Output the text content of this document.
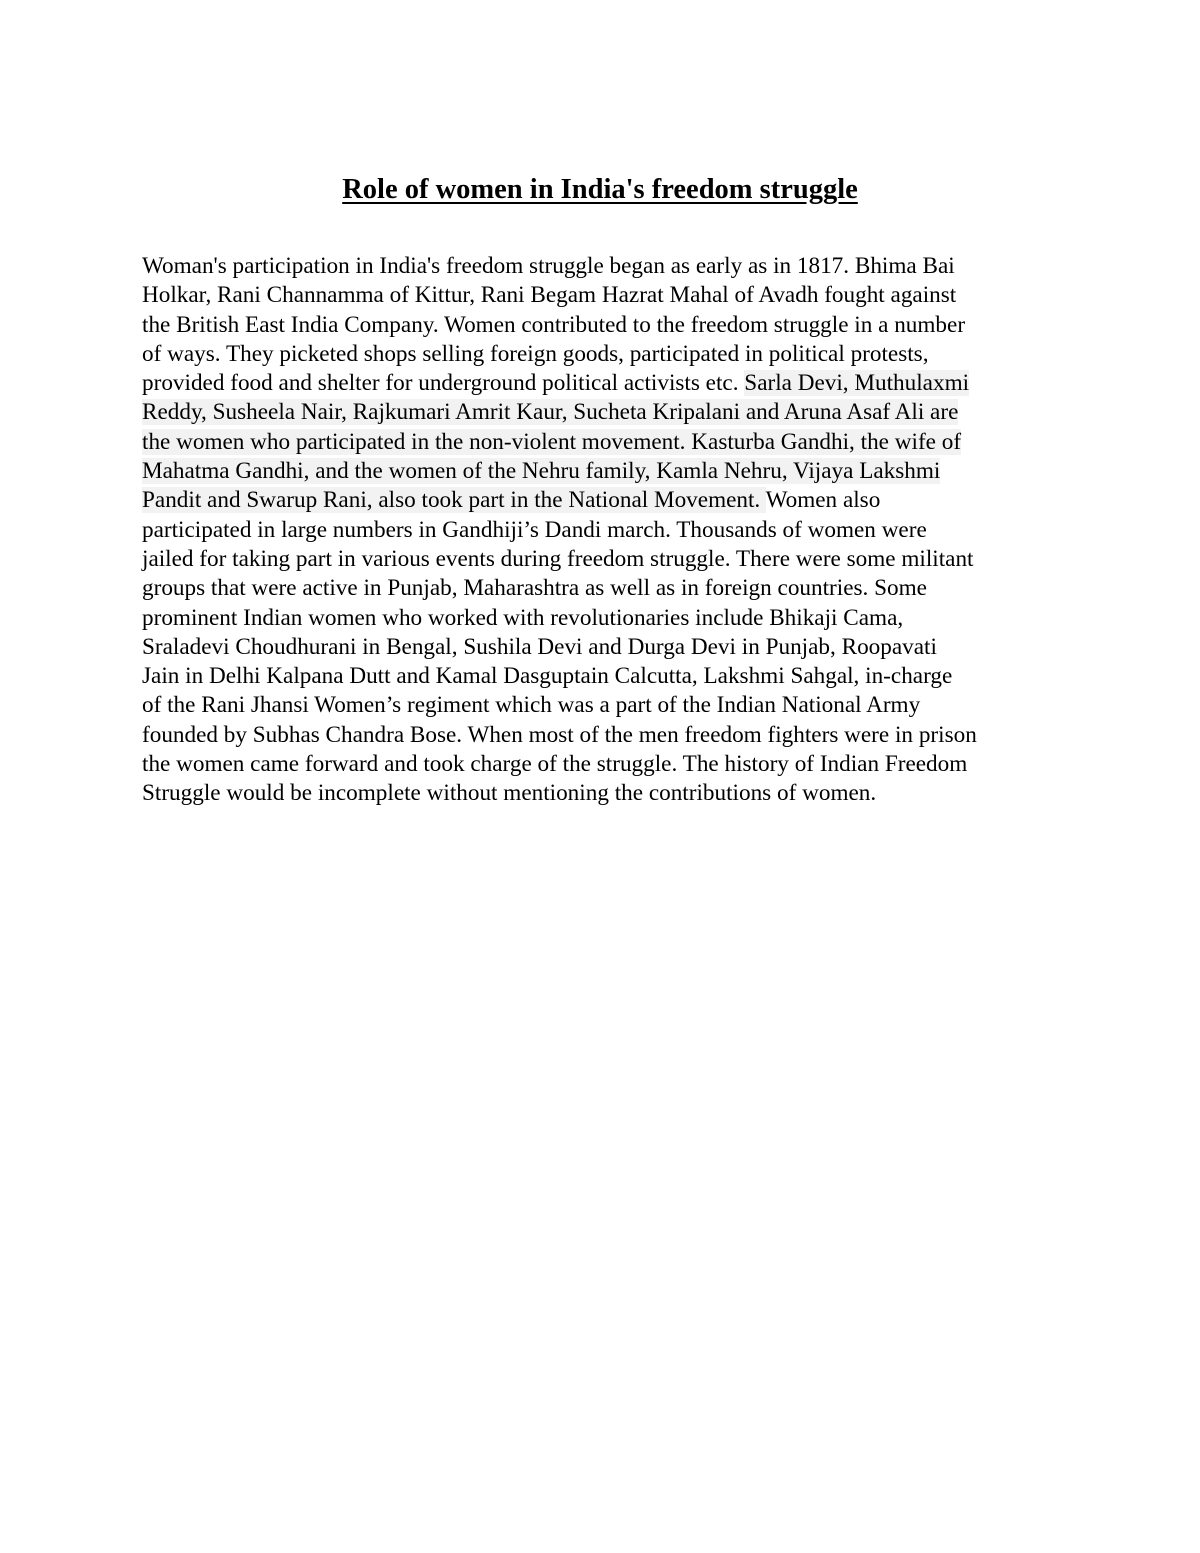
Role of women in India's freedom struggle
Woman's participation in India's freedom struggle began as early as in 1817. Bhima Bai
Holkar, Rani Channamma of Kittur, Rani Begam Hazrat Mahal of Avadh fought against
the British East India Company. Women contributed to the freedom struggle in a number
of ways. They picketed shops selling foreign goods, participated in political protests,
provided food and shelter for underground political activists etc. Sarla Devi, Muthulaxmi
Reddy, Susheela Nair, Rajkumari Amrit Kaur, Sucheta Kripalani and Aruna Asaf Ali are
the women who participated in the non-violent movement. Kasturba Gandhi, the wife of
Mahatma Gandhi, and the women of the Nehru family, Kamla Nehru, Vijaya Lakshmi
Pandit and Swarup Rani, also took part in the National Movement. Women also
participated in large numbers in Gandhiji’s Dandi march. Thousands of women were
jailed for taking part in various events during freedom struggle. There were some militant
groups that were active in Punjab, Maharashtra as well as in foreign countries. Some
prominent Indian women who worked with revolutionaries include Bhikaji Cama,
Sraladevi Choudhurani in Bengal, Sushila Devi and Durga Devi in Punjab, Roopavati
Jain in Delhi Kalpana Dutt and Kamal Dasguptain Calcutta, Lakshmi Sahgal, in-charge
of the Rani Jhansi Women’s regiment which was a part of the Indian National Army
founded by Subhas Chandra Bose. When most of the men freedom fighters were in prison
the women came forward and took charge of the struggle. The history of Indian Freedom
Struggle would be incomplete without mentioning the contributions of women.
